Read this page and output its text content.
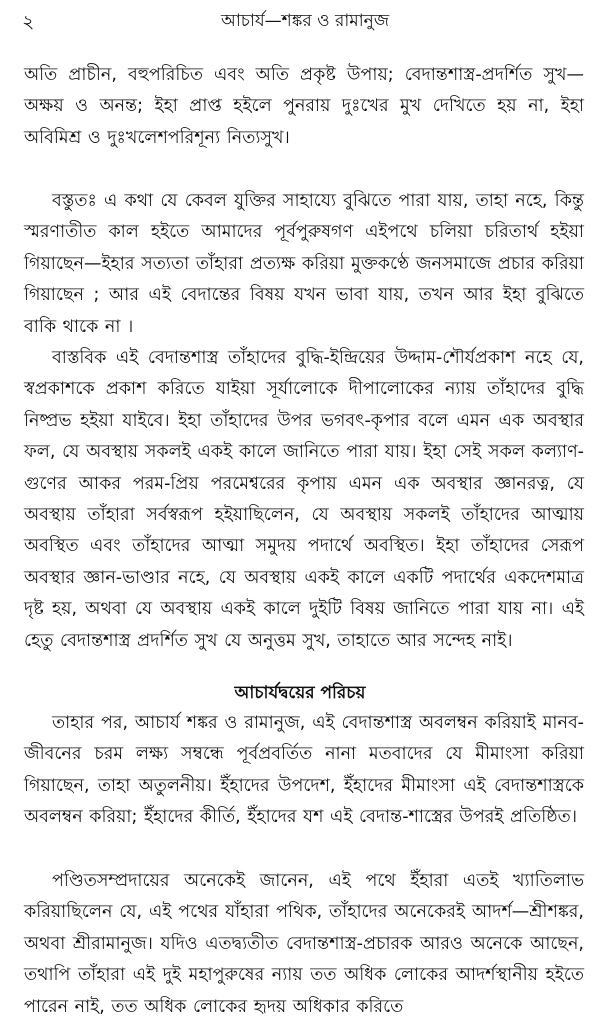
২	আচার্য—শঙ্কর ও রামানুজ

অতি প্রাচীন, বহুপরিচিত এবং অতি প্রকৃষ্ট উপায়; বেদান্তশাস্ত্র-প্রদর্শিত সুখ—অক্ষয় ও অনন্ত; ইহা প্রাপ্ত হইলে পুনরায় দুঃখের মুখ দেখিতে হয় না, ইহা অবিমিশ্র ও দুঃখলেশপরিশূন্য নিত্যসুখ।

বস্তুতঃ এ কথা যে কেবল যুক্তির সাহায্যে বুঝিতে পারা যায়, তাহা নহে, কিন্তু স্মরণাতীত কাল হইতে আমাদের পূর্বপুরুষগণ এইপথে চলিয়া চরিতার্থ হইয়া গিয়াছেন—ইহার সত্যতা তাঁহারা প্রত্যক্ষ করিয়া মুক্তকণ্ঠে জনসমাজে প্রচার করিয়া গিয়াছেন ; আর এই বেদান্তের বিষয় যখন ভাবা যায়, তখন আর ইহা বুঝিতে বাকি থাকে না ।

বাস্তবিক এই বেদান্তশাস্ত্র তাঁহাদের বুদ্ধি-ইন্দ্রিয়ের উদ্দাম-শৌর্যপ্রকাশ নহে যে, স্বপ্রকাশকে প্রকাশ করিতে যাইয়া সূর্যালোকে দীপালোকের ন্যায় তাঁহাদের বুদ্ধি নিষ্প্রভ হইয়া যাইবে। ইহা তাঁহাদের উপর ভগবৎ-কৃপার বলে এমন এক অবস্থার ফল, যে অবস্থায় সকলই একই কালে জানিতে পারা যায়। ইহা সেই সকল কল্যাণ-গুণের আকর পরম-প্রিয় পরমেশ্বরের কৃপায় এমন এক অবস্থার জ্ঞানরত্ন, যে অবস্থায় তাঁহারা সর্বস্বরূপ হইয়াছিলেন, যে অবস্থায় সকলই তাঁহাদের আত্মায় অবস্থিত এবং তাঁহাদের আত্মা সমুদয় পদার্থে অবস্থিত। ইহা তাঁহাদের সেরূপ অবস্থার জ্ঞান-ভাণ্ডার নহে, যে অবস্থায় একই কালে একটি পদার্থের একদেশমাত্র দৃষ্ট হয়, অথবা যে অবস্থায় একই কালে দুইটি বিষয় জানিতে পারা যায় না। এই হেতু বেদান্তশাস্ত্র প্রদর্শিত সুখ যে অনুত্তম সুখ, তাহাতে আর সন্দেহ নাই।

আচার্যদ্বয়ের পরিচয়

তাহার পর, আচার্য শঙ্কর ও রামানুজ, এই বেদান্তশাস্ত্র অবলম্বন করিয়াই মানব-জীবনের চরম লক্ষ্য সম্বন্ধে পূর্বপ্রবর্তিত নানা মতবাদের যে মীমাংসা করিয়া গিয়াছেন, তাহা অতুলনীয়। ইঁহাদের উপদেশ, ইঁহাদের মীমাংসা এই বেদান্তশাস্ত্রকে অবলম্বন করিয়া; ইঁহাদের কীর্তি, ইঁহাদের যশ এই বেদান্ত-শাস্ত্রের উপরই প্রতিষ্ঠিত।

পণ্ডিতসম্প্রদায়ের অনেকেই জানেন, এই পথে ইঁহারা এতই খ্যাতিলাভ করিয়াছিলেন যে, এই পথের যাঁহারা পথিক, তাঁহাদের অনেকেরই আদর্শ—শ্রীশঙ্কর, অথবা শ্রীরামানুজ। যদিও এতদ্ব্যতীত বেদান্তশাস্ত্র-প্রচারক আরও অনেকে আছেন, তথাপি তাঁহারা এই দুই মহাপুরুষের ন্যায় তত অধিক লোকের আদর্শস্থানীয় হইতে পারেন নাই, তত অধিক লোকের হৃদয় অধিকার করিতে
